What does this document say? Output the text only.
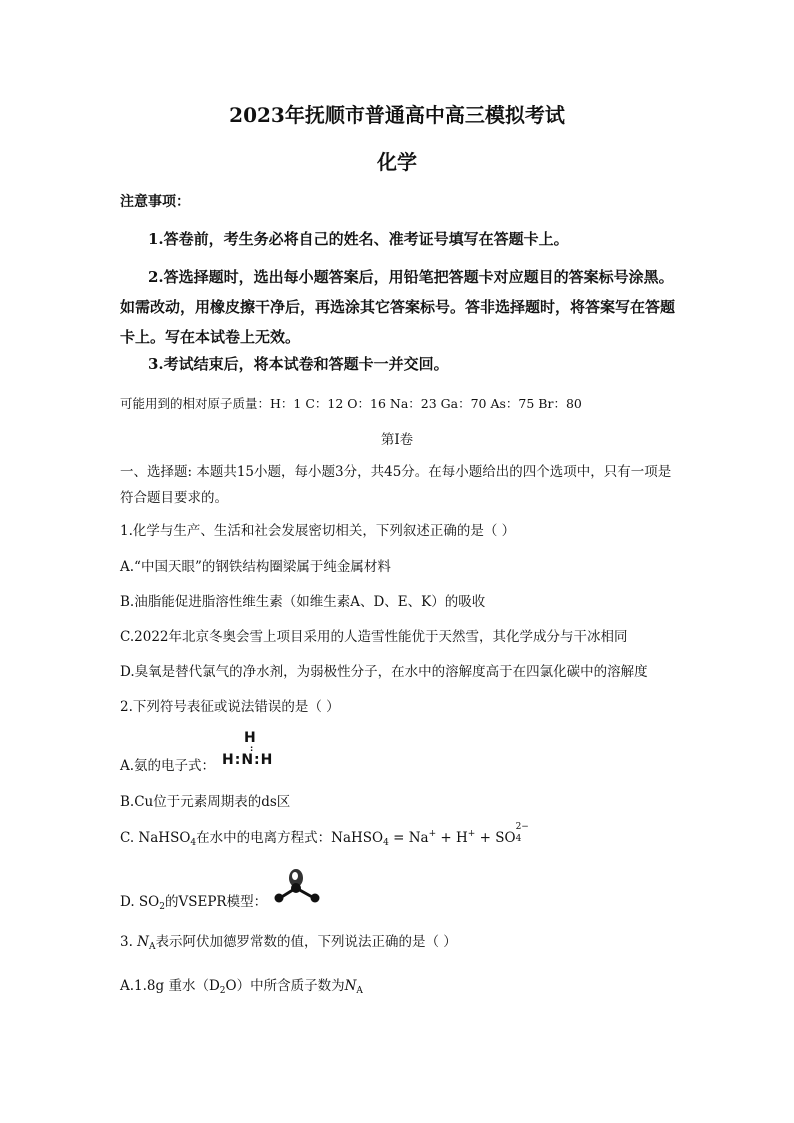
2023年抚顺市普通高中高三模拟考试
化学
注意事项：
1.答卷前，考生务必将自己的姓名、准考证号填写在答题卡上。
2.答选择题时，选出每小题答案后，用铅笔把答题卡对应题目的答案标号涂黑。如需改动，用橡皮擦干净后，再选涂其它答案标号。答非选择题时，将答案写在答题卡上。写在本试卷上无效。
3.考试结束后，将本试卷和答题卡一并交回。
可能用到的相对原子质量：H：1 C：12 O：16 Na：23 Ga：70 As：75 Br：80
第Ⅰ卷
一、选择题: 本题共15小题，每小题3分，共45分。在每小题给出的四个选项中，只有一项是符合题目要求的。
1.化学与生产、生活和社会发展密切相关，下列叙述正确的是（ ）
A.“中国天眼”的钢铁结构圈梁属于纯金属材料
B.油脂能促进脂溶性维生素（如维生素A、D、E、K）的吸收
C.2022年北京冬奥会雪上项目采用的人造雪性能优于天然雪，其化学成分与干冰相同
D.臭氧是替代氯气的净水剂，为弱极性分子，在水中的溶解度高于在四氯化碳中的溶解度
2.下列符号表征或说法错误的是（ ）
A.氨的电子式：
H
:
H:N:H
B.Cu位于元素周期表的ds区
C. NaHSO$_4$在水中的电离方程式：NaHSO$_4$ = Na+ + H+ + SO
2−
4
D. $SO_2$的VSEPR模型：
3. $N_A$表示阿伏加德罗常数的值，下列说法正确的是（ ）
A.1.8g 重水$(D_2O)$中所含质子数为$N_A$
